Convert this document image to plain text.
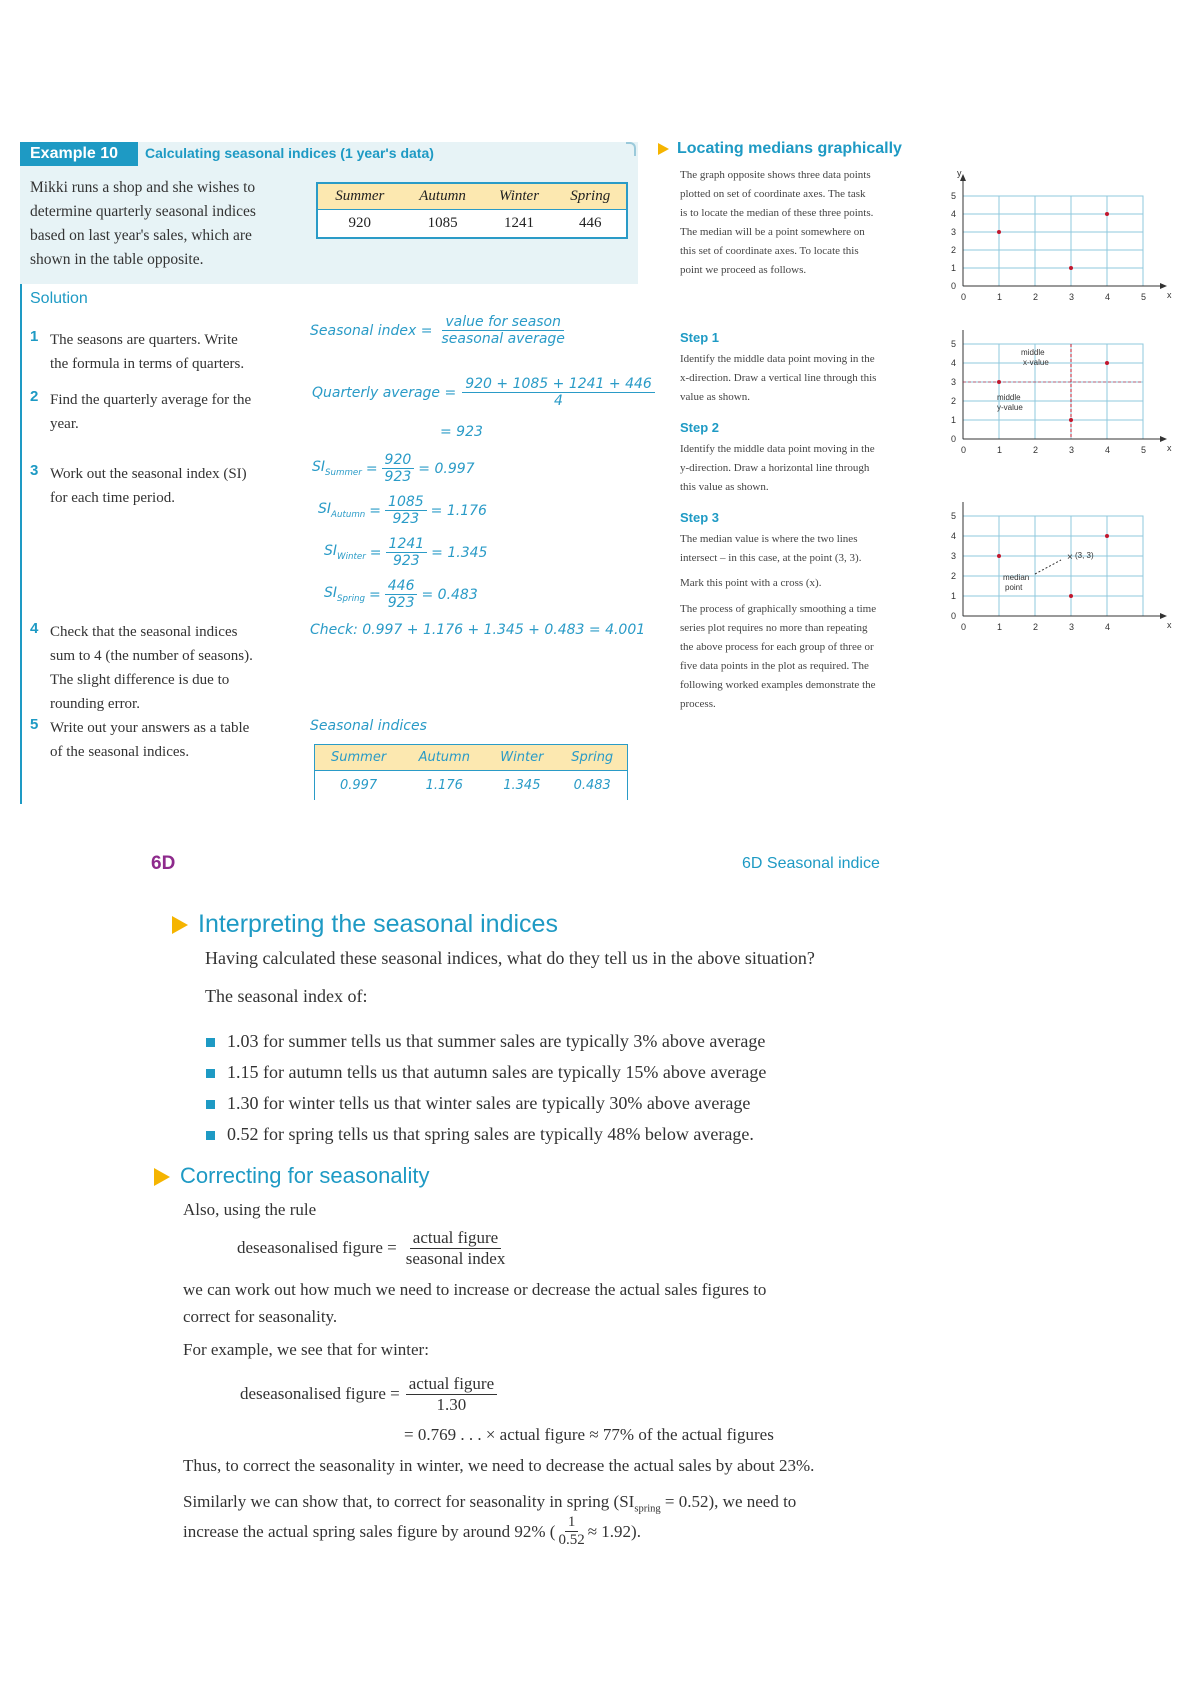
Example 10	Calculating seasonal indices (1 year's data)
Mikki runs a shop and she wishes to
determine quarterly seasonal indices
based on last year's sales, which are
shown in the table opposite.
Summer	Autumn	Winter	Spring
920	1085	1241	446
Solution
1 The seasons are quarters. Write
the formula in terms of quarters.
2 Find the quarterly average for the
year.
3 Work out the seasonal index (SI)
for each time period.
4 Check that the seasonal indices
sum to 4 (the number of seasons).
The slight difference is due to
rounding error.
5 Write out your answers as a table
of the seasonal indices.
Seasonal index = $\frac{\text{value for season}}{\text{seasonal average}}$
Quarterly average = $\frac{920 + 1085 + 1241 + 446}{4}$
= 923
$SI_{Summer} = \frac{920}{923} = 0.997$
$SI_{Autumn} = \frac{1085}{923} = 1.176$
$SI_{Winter} = \frac{1241}{923} = 1.345$
$SI_{Spring} = \frac{446}{923} = 0.483$
Check: 0.997 + 1.176 + 1.345 + 0.483 = 4.001
Seasonal indices
Summer	Autumn	Winter	Spring
0.997	1.176	1.345	0.483
Locating medians graphically
The graph opposite shows three data points
plotted on set of coordinate axes. The task
is to locate the median of these three points.
The median will be a point somewhere on
this set of coordinate axes. To locate this
point we proceed as follows.
Step 1
Identify the middle data point moving in the
x-direction. Draw a vertical line through this
value as shown.
Step 2
Identify the middle data point moving in the
y-direction. Draw a horizontal line through
this value as shown.
Step 3
The median value is where the two lines
intersect – in this case, at the point (3, 3).
Mark this point with a cross (x).
The process of graphically smoothing a time
series plot requires no more than repeating
the above process for each group of three or
five data points in the plot as required. The
following worked examples demonstrate the
process.
0
1
2
3
4
5
0	1	2	3	4	5 x
y
middle
x-value
middle
y-value
0
1
2
3
4
5
0	1	2	3	4	5 x
× (3, 3)
median
point
0
1
2
3
4
5
0	1	2	3	4	x
6D	6D Seasonal indice
Interpreting the seasonal indices
Having calculated these seasonal indices, what do they tell us in the above situation?
The seasonal index of:
1.03 for summer tells us that summer sales are typically 3% above average
1.15 for autumn tells us that autumn sales are typically 15% above average
1.30 for winter tells us that winter sales are typically 30% above average
0.52 for spring tells us that spring sales are typically 48% below average.
Correcting for seasonality
Also, using the rule
deseasonalised figure = $\frac{\text{actual figure}}{\text{seasonal index}}$
we can work out how much we need to increase or decrease the actual sales figures to
correct for seasonality.
For example, we see that for winter:
deseasonalised figure = $\frac{\text{actual figure}}{1.30}$
= 0.769 . . . × actual figure ≈ 77% of the actual figures
Thus, to correct the seasonality in winter, we need to decrease the actual sales by about 23%.
Similarly we can show that, to correct for seasonality in spring $(SI_{spring} = 0.52)$, we need to
increase the actual spring sales figure by around 92% ( $\frac{1}{0.52} \approx 1.92$).
